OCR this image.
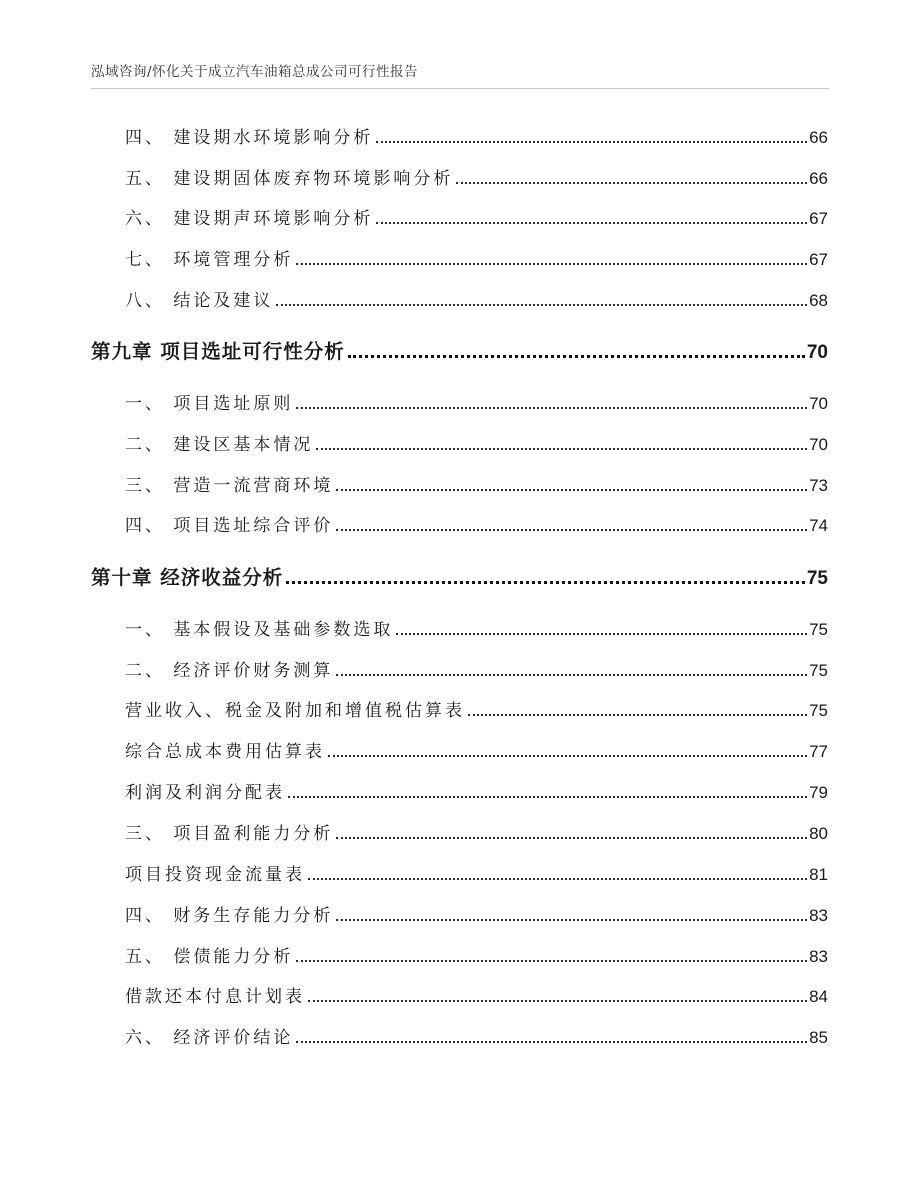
泓域咨询/怀化关于成立汽车油箱总成公司可行性报告
四、 建设期水环境影响分析	66
五、 建设期固体废弃物环境影响分析	66
六、 建设期声环境影响分析	67
七、 环境管理分析	67
八、 结论及建议	68
第九章 项目选址可行性分析	70
一、 项目选址原则	70
二、 建设区基本情况	70
三、 营造一流营商环境	73
四、 项目选址综合评价	74
第十章 经济收益分析	75
一、 基本假设及基础参数选取	75
二、 经济评价财务测算	75
营业收入、税金及附加和增值税估算表	75
综合总成本费用估算表	77
利润及利润分配表	79
三、 项目盈利能力分析	80
项目投资现金流量表	81
四、 财务生存能力分析	83
五、 偿债能力分析	83
借款还本付息计划表	84
六、 经济评价结论	85
